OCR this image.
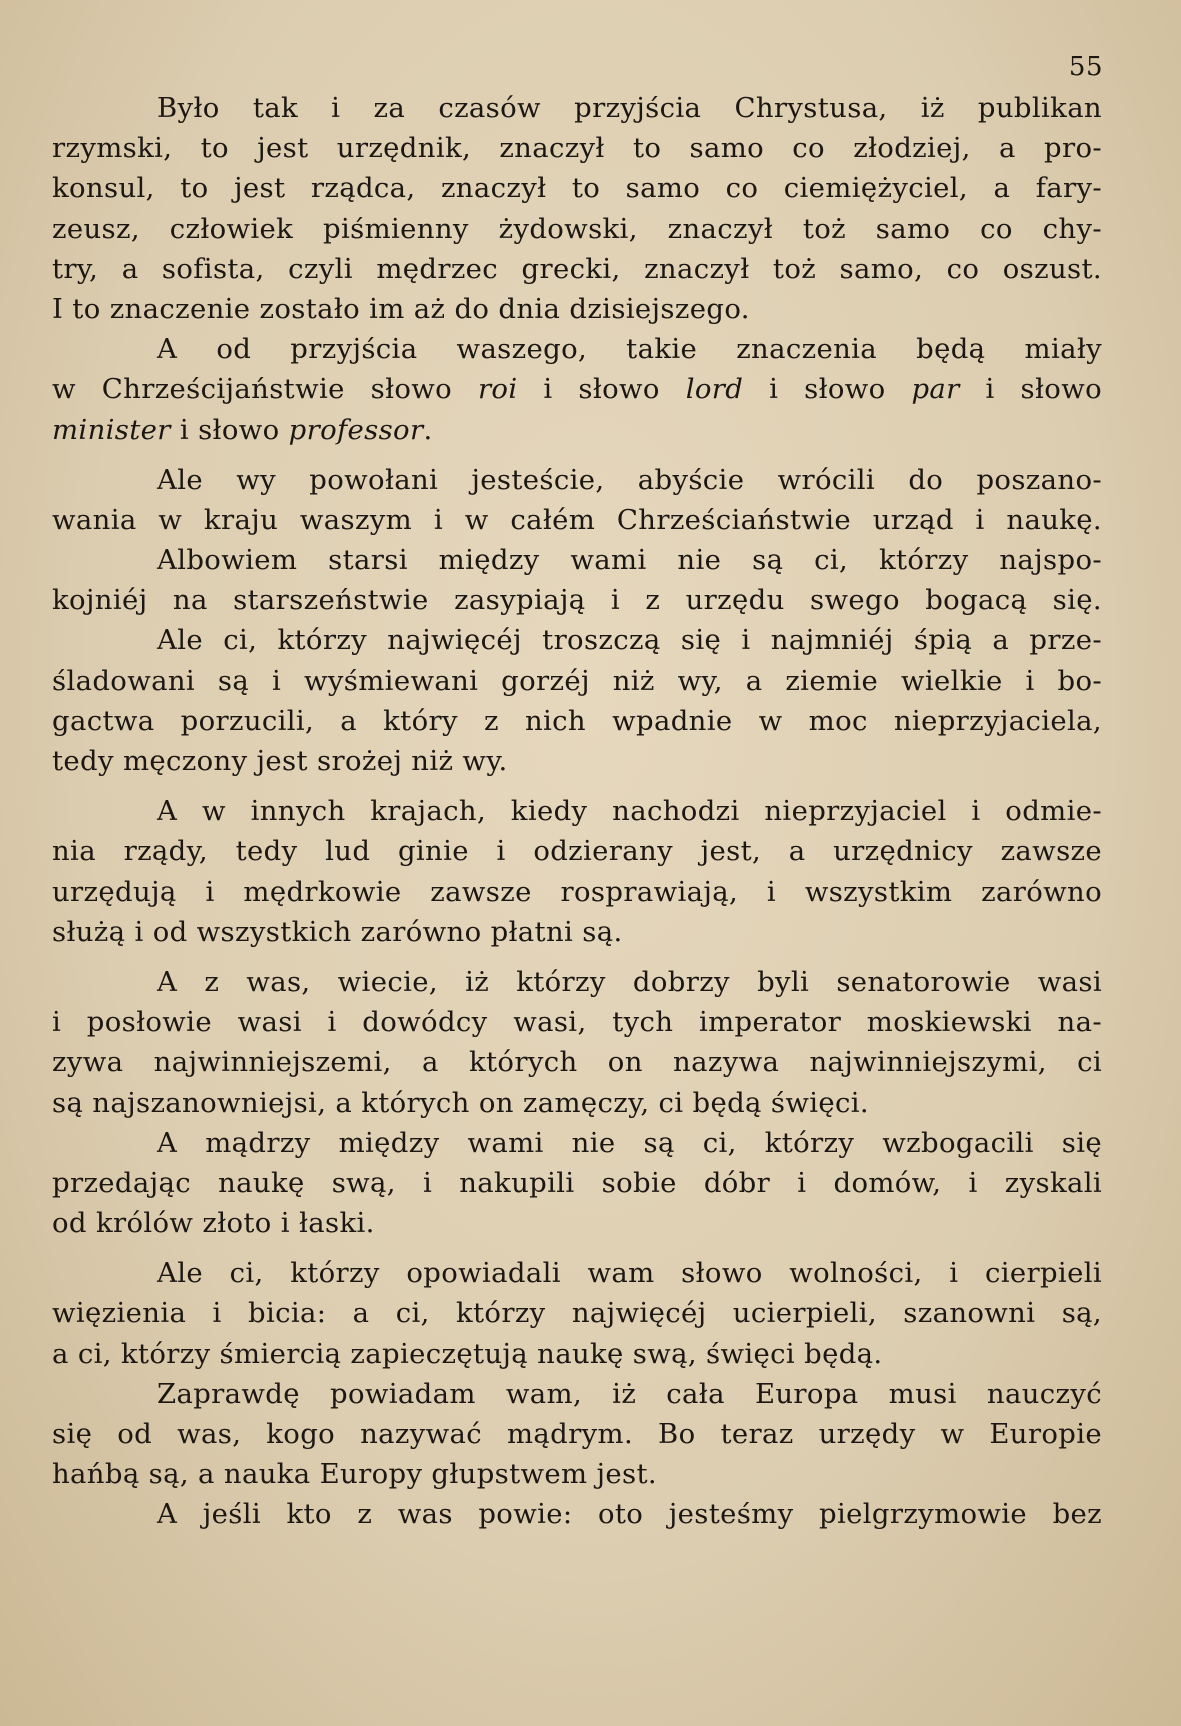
55
Było tak i za czasów przyjścia Chrystusa, iż publikan
rzymski, to jest urzędnik, znaczył to samo co złodziej, a pro-
konsul, to jest rządca, znaczył to samo co ciemiężyciel, a fary-
zeusz, człowiek piśmienny żydowski, znaczył toż samo co chy-
try, a sofista, czyli mędrzec grecki, znaczył toż samo, co oszust.
I to znaczenie zostało im aż do dnia dzisiejszego.
A od przyjścia waszego, takie znaczenia będą miały
w Chrześcijaństwie słowo roi i słowo lord i słowo par i słowo
minister i słowo professor.
Ale wy powołani jesteście, abyście wrócili do poszano-
wania w kraju waszym i w całém Chrześciaństwie urząd i naukę.
Albowiem starsi między wami nie są ci, którzy najspo-
kojniéj na starszeństwie zasypiają i z urzędu swego bogacą się.
Ale ci, którzy najwięcéj troszczą się i najmniéj śpią a prze-
śladowani są i wyśmiewani gorzéj niż wy, a ziemie wielkie i bo-
gactwa porzucili, a który z nich wpadnie w moc nieprzyjaciela,
tedy męczony jest srożej niż wy.
A w innych krajach, kiedy nachodzi nieprzyjaciel i odmie-
nia rządy, tedy lud ginie i odzierany jest, a urzędnicy zawsze
urzędują i mędrkowie zawsze rosprawiają, i wszystkim zarówno
służą i od wszystkich zarówno płatni są.
A z was, wiecie, iż którzy dobrzy byli senatorowie wasi
i posłowie wasi i dowódcy wasi, tych imperator moskiewski na-
zywa najwinniejszemi, a których on nazywa najwinniejszymi, ci
są najszanowniejsi, a których on zamęczy, ci będą święci.
A mądrzy między wami nie są ci, którzy wzbogacili się
przedając naukę swą, i nakupili sobie dóbr i domów, i zyskali
od królów złoto i łaski.
Ale ci, którzy opowiadali wam słowo wolności, i cierpieli
więzienia i bicia: a ci, którzy najwięcéj ucierpieli, szanowni są,
a ci, którzy śmiercią zapieczętują naukę swą, święci będą.
Zaprawdę powiadam wam, iż cała Europa musi nauczyć
się od was, kogo nazywać mądrym. Bo teraz urzędy w Europie
hańbą są, a nauka Europy głupstwem jest.
A jeśli kto z was powie: oto jesteśmy pielgrzymowie bez
